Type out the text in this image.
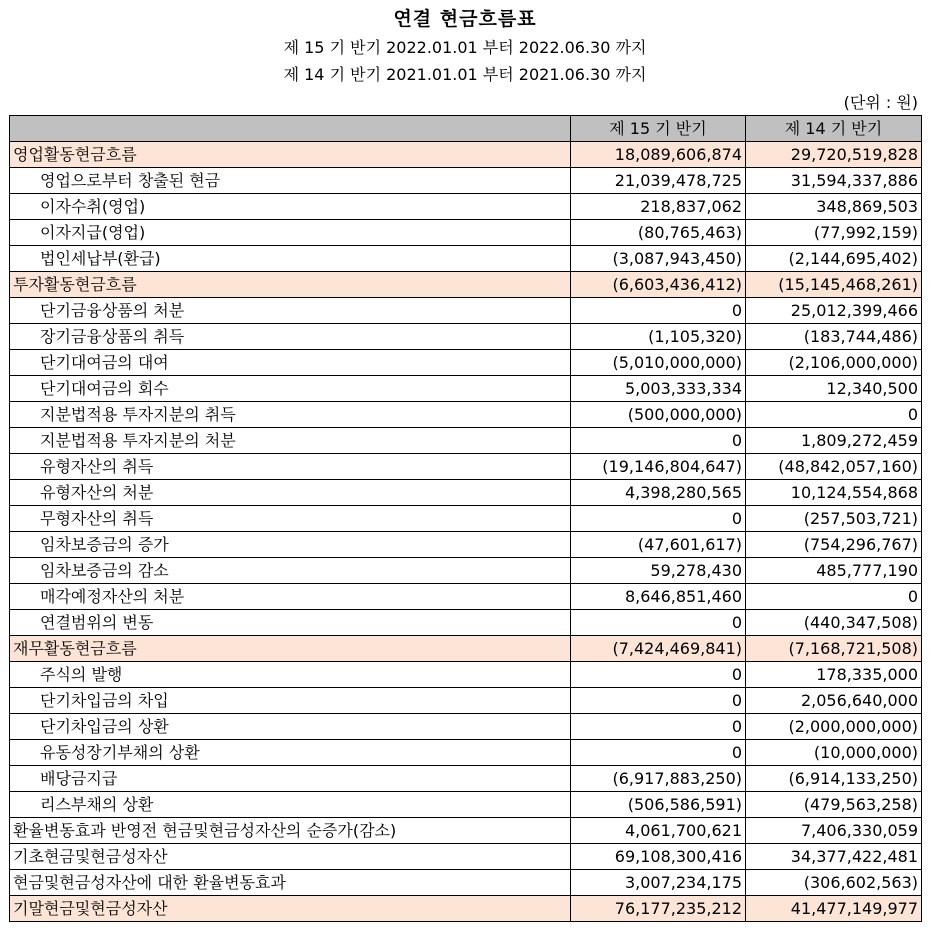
연결 현금흐름표
제 15 기 반기 2022.01.01 부터 2022.06.30 까지
제 14 기 반기 2021.01.01 부터 2021.06.30 까지
(단위 : 원)
	제 15 기 반기	제 14 기 반기
영업활동현금흐름	18,089,606,874	29,720,519,828
영업으로부터 창출된 현금	21,039,478,725	31,594,337,886
이자수취(영업)	218,837,062	348,869,503
이자지급(영업)	(80,765,463)	(77,992,159)
법인세납부(환급)	(3,087,943,450)	(2,144,695,402)
투자활동현금흐름	(6,603,436,412)	(15,145,468,261)
단기금융상품의 처분	0	25,012,399,466
장기금융상품의 취득	(1,105,320)	(183,744,486)
단기대여금의 대여	(5,010,000,000)	(2,106,000,000)
단기대여금의 회수	5,003,333,334	12,340,500
지분법적용 투자지분의 취득	(500,000,000)	0
지분법적용 투자지분의 처분	0	1,809,272,459
유형자산의 취득	(19,146,804,647)	(48,842,057,160)
유형자산의 처분	4,398,280,565	10,124,554,868
무형자산의 취득	0	(257,503,721)
임차보증금의 증가	(47,601,617)	(754,296,767)
임차보증금의 감소	59,278,430	485,777,190
매각예정자산의 처분	8,646,851,460	0
연결범위의 변동	0	(440,347,508)
재무활동현금흐름	(7,424,469,841)	(7,168,721,508)
주식의 발행	0	178,335,000
단기차입금의 차입	0	2,056,640,000
단기차입금의 상환	0	(2,000,000,000)
유동성장기부채의 상환	0	(10,000,000)
배당금지급	(6,917,883,250)	(6,914,133,250)
리스부채의 상환	(506,586,591)	(479,563,258)
환율변동효과 반영전 현금및현금성자산의 순증가(감소)	4,061,700,621	7,406,330,059
기초현금및현금성자산	69,108,300,416	34,377,422,481
현금및현금성자산에 대한 환율변동효과	3,007,234,175	(306,602,563)
기말현금및현금성자산	76,177,235,212	41,477,149,977
